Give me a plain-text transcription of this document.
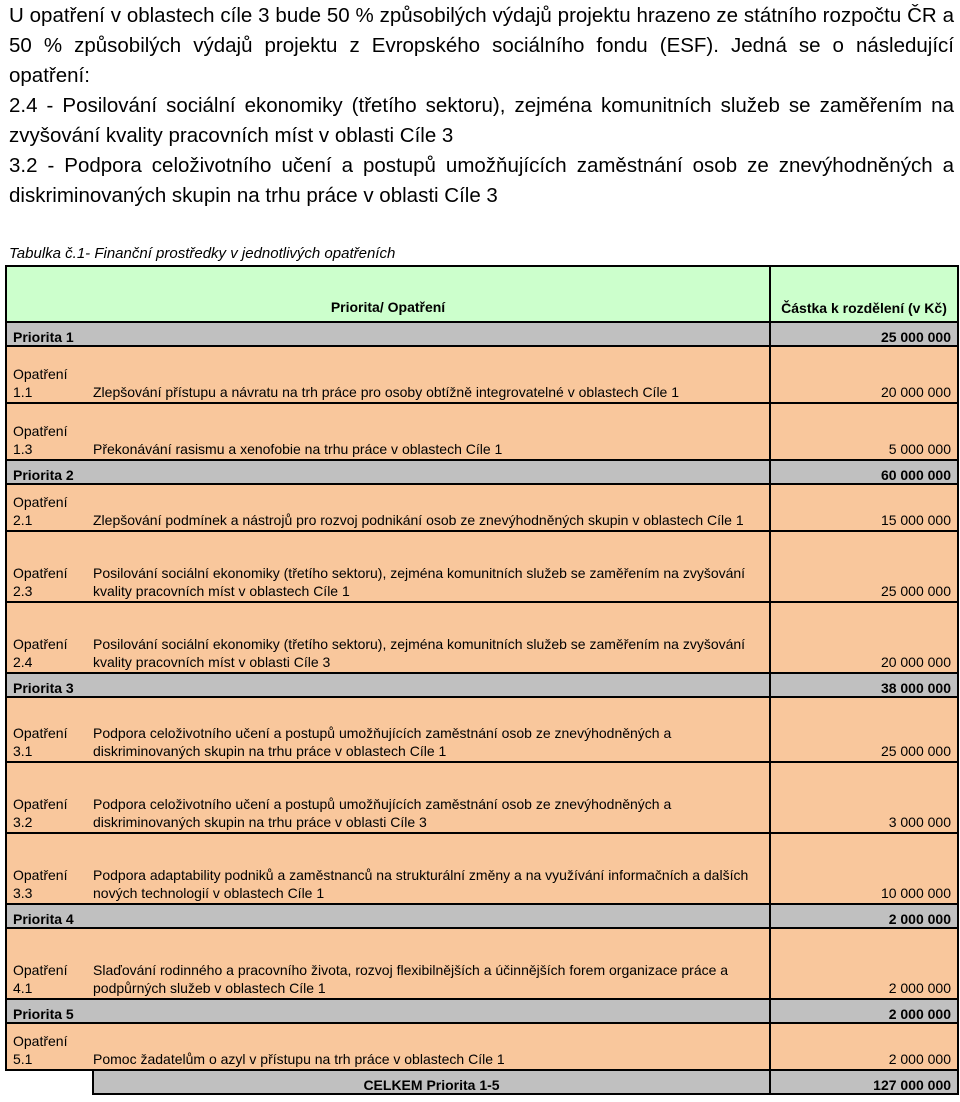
U opatření v oblastech cíle 3 bude 50 % způsobilých výdajů projektu hrazeno ze státního rozpočtu ČR a 50 % způsobilých výdajů projektu z Evropského sociálního fondu (ESF). Jedná se o následující opatření:

2.4 - Posilování sociální ekonomiky (třetího sektoru), zejména komunitních služeb se zaměřením na zvyšování kvality pracovních míst v oblasti Cíle 3

3.2 - Podpora celoživotního učení a postupů umožňujících zaměstnání osob ze znevýhodněných a diskriminovaných skupin na trhu práce v oblasti Cíle 3

Tabulka č.1- Finanční prostředky v jednotlivých opatřeních
Priorita/ Opatření		Částka k rozdělení (v Kč)
Priorita 1		25 000 000
Opatření 1.1	Zlepšování přístupu a návratu na trh práce pro osoby obtížně integrovatelné v oblastech Cíle 1	20 000 000
Opatření 1.3	Překonávání rasismu a xenofobie na trhu práce v oblastech Cíle 1	5 000 000
Priorita 2		60 000 000
Opatření 2.1	Zlepšování podmínek a nástrojů pro rozvoj podnikání osob ze znevýhodněných skupin v oblastech Cíle 1	15 000 000
Opatření 2.3	Posilování sociální ekonomiky (třetího sektoru), zejména komunitních služeb se zaměřením na zvyšování kvality pracovních míst v oblastech Cíle 1	25 000 000
Opatření 2.4	Posilování sociální ekonomiky (třetího sektoru), zejména komunitních služeb se zaměřením na zvyšování kvality pracovních míst v oblasti Cíle 3	20 000 000
Priorita 3		38 000 000
Opatření 3.1	Podpora celoživotního učení a postupů umožňujících zaměstnání osob ze znevýhodněných a diskriminovaných skupin na trhu práce v oblastech Cíle 1	25 000 000
Opatření 3.2	Podpora celoživotního učení a postupů umožňujících zaměstnání osob ze znevýhodněných a diskriminovaných skupin na trhu práce v oblasti Cíle 3	3 000 000
Opatření 3.3	Podpora adaptability podniků a zaměstnanců na strukturální změny a na využívání informačních a dalších nových technologií v oblastech Cíle 1	10 000 000
Priorita 4		2 000 000
Opatření 4.1	Slaďování rodinného a pracovního života, rozvoj flexibilnějších a účinnějších forem organizace práce a podpůrných služeb v oblastech Cíle 1	2 000 000
Priorita 5		2 000 000
Opatření 5.1	Pomoc žadatelům o azyl v přístupu na trh práce v oblastech Cíle 1	2 000 000
	CELKEM Priorita 1-5	127 000 000
